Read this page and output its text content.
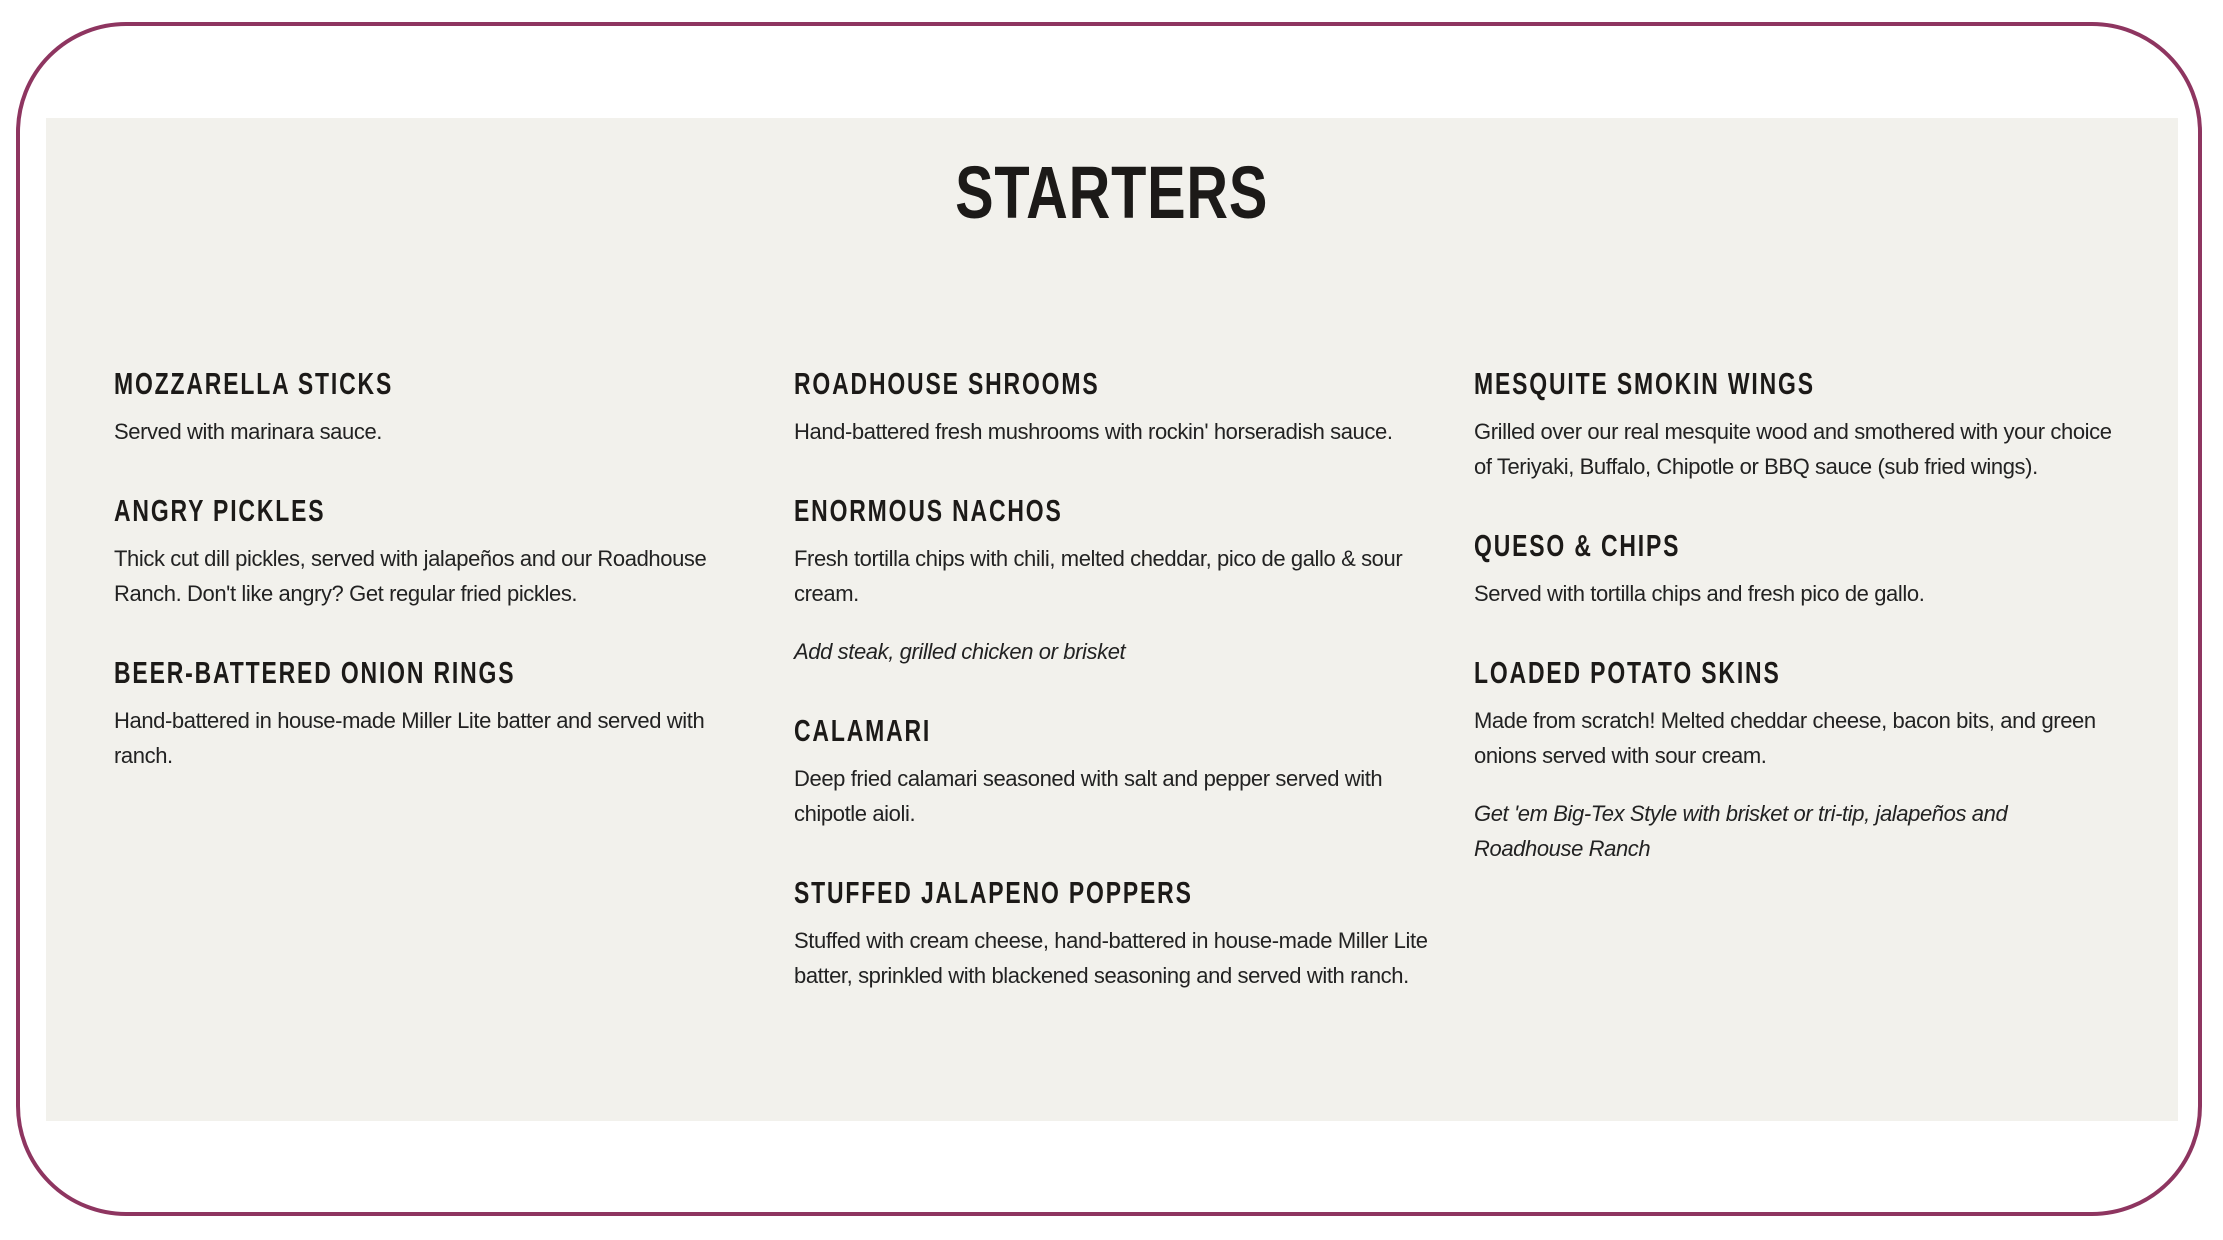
STARTERS
MOZZARELLA STICKS

Served with marinara sauce.

ANGRY PICKLES

Thick cut dill pickles, served with jalapeños and our Roadhouse Ranch. Don't like angry? Get regular fried pickles.

BEER-BATTERED ONION RINGS

Hand-battered in house-made Miller Lite batter and served with ranch.

ROADHOUSE SHROOMS

Hand-battered fresh mushrooms with rockin' horseradish sauce.

ENORMOUS NACHOS

Fresh tortilla chips with chili, melted cheddar, pico de gallo & sour cream.

Add steak, grilled chicken or brisket

CALAMARI

Deep fried calamari seasoned with salt and pepper served with chipotle aioli.

STUFFED JALAPENO POPPERS

Stuffed with cream cheese, hand-battered in house-made Miller Lite batter, sprinkled with blackened seasoning and served with ranch.

MESQUITE SMOKIN WINGS

Grilled over our real mesquite wood and smothered with your choice of Teriyaki, Buffalo, Chipotle or BBQ sauce (sub fried wings).

QUESO & CHIPS

Served with tortilla chips and fresh pico de gallo.

LOADED POTATO SKINS

Made from scratch! Melted cheddar cheese, bacon bits, and green onions served with sour cream.

Get 'em Big-Tex Style with brisket or tri-tip, jalapeños and Roadhouse Ranch
